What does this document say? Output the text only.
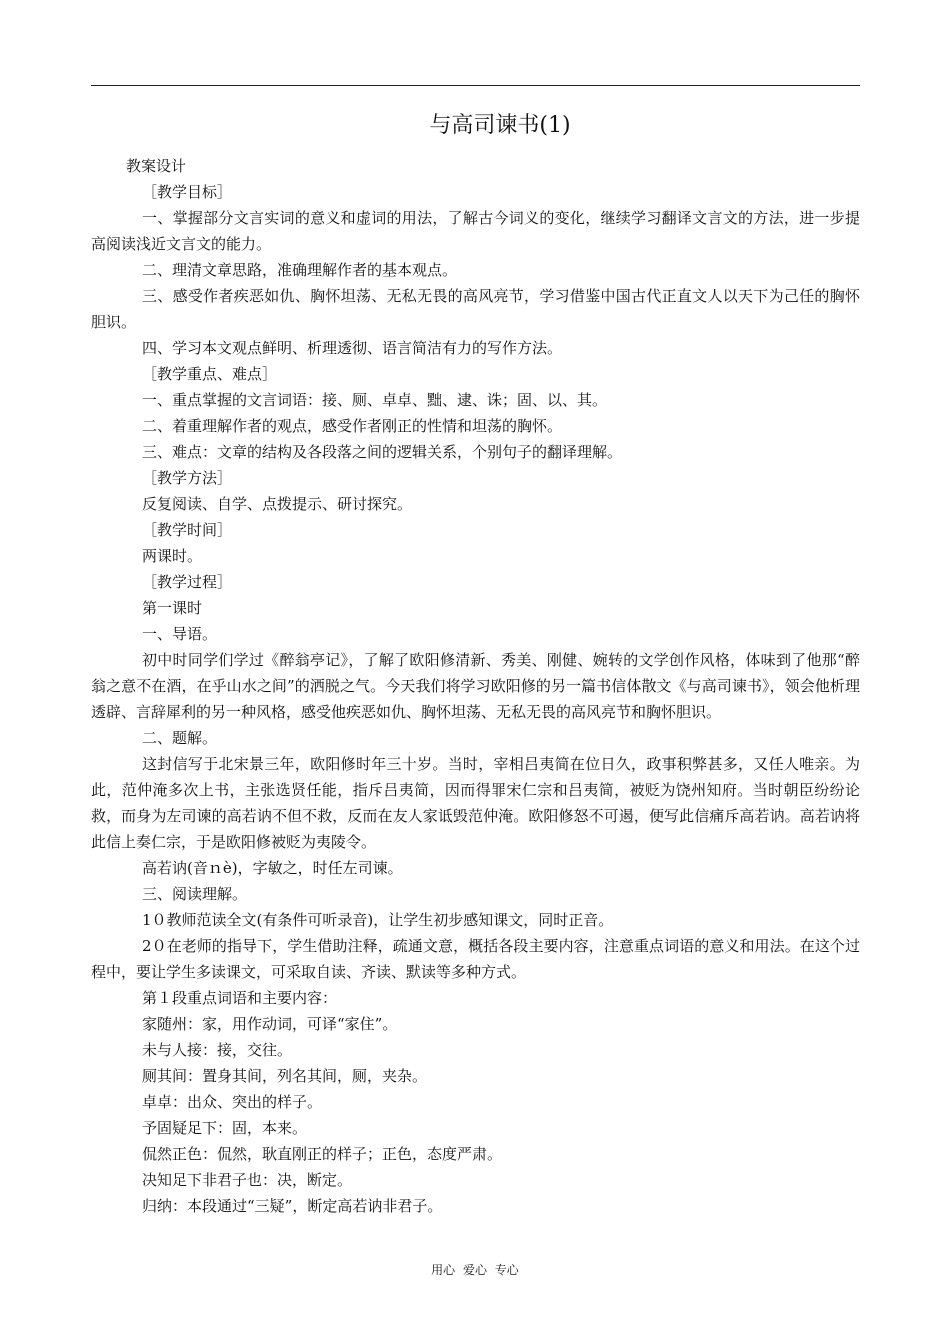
与高司谏书(1)

教案设计

［教学目标］

一、掌握部分文言实词的意义和虚词的用法，了解古今词义的变化，继续学习翻译文言文的方法，进一步提高阅读浅近文言文的能力。

二、理清文章思路，准确理解作者的基本观点。

三、感受作者疾恶如仇、胸怀坦荡、无私无畏的高风亮节，学习借鉴中国古代正直文人以天下为己任的胸怀胆识。

四、学习本文观点鲜明、析理透彻、语言简洁有力的写作方法。

［教学重点、难点］

一、重点掌握的文言词语：接、厕、卓卓、黜、逮、诛；固、以、其。

二、着重理解作者的观点，感受作者刚正的性情和坦荡的胸怀。

三、难点：文章的结构及各段落之间的逻辑关系，个别句子的翻译理解。

［教学方法］

反复阅读、自学、点拨提示、研讨探究。

［教学时间］

两课时。

［教学过程］

第一课时

一、导语。

初中时同学们学过《醉翁亭记》，了解了欧阳修清新、秀美、刚健、婉转的文学创作风格，体味到了他那“醉翁之意不在酒，在乎山水之间”的洒脱之气。今天我们将学习欧阳修的另一篇书信体散文《与高司谏书》，领会他析理透辟、言辞犀利的另一种风格，感受他疾恶如仇、胸怀坦荡、无私无畏的高风亮节和胸怀胆识。

二、题解。

这封信写于北宋景三年，欧阳修时年三十岁。当时，宰相吕夷简在位日久，政事积弊甚多，又任人唯亲。为此，范仲淹多次上书，主张选贤任能，指斥吕夷简，因而得罪宋仁宗和吕夷简，被贬为饶州知府。当时朝臣纷纷论救，而身为左司谏的高若讷不但不救，反而在友人家诋毁范仲淹。欧阳修怒不可遏，便写此信痛斥高若讷。高若讷将此信上奏仁宗，于是欧阳修被贬为夷陵令。

高若讷(音ｎè)，字敏之，时任左司谏。

三、阅读理解。

1０教师范读全文(有条件可听录音)，让学生初步感知课文，同时正音。

2０在老师的指导下，学生借助注释，疏通文意，概括各段主要内容，注意重点词语的意义和用法。在这个过程中，要让学生多读课文，可采取自读、齐读、默读等多种方式。

第１段重点词语和主要内容：

家随州：家，用作动词，可译“家住”。

未与人接：接，交往。

厕其间：置身其间，列名其间，厕，夹杂。

卓卓：出众、突出的样子。

予固疑足下：固，本来。

侃然正色：侃然，耿直刚正的样子；正色，态度严肃。

决知足下非君子也：决，断定。

归纳：本段通过“三疑”，断定高若讷非君子。

用心 爱心 专心
